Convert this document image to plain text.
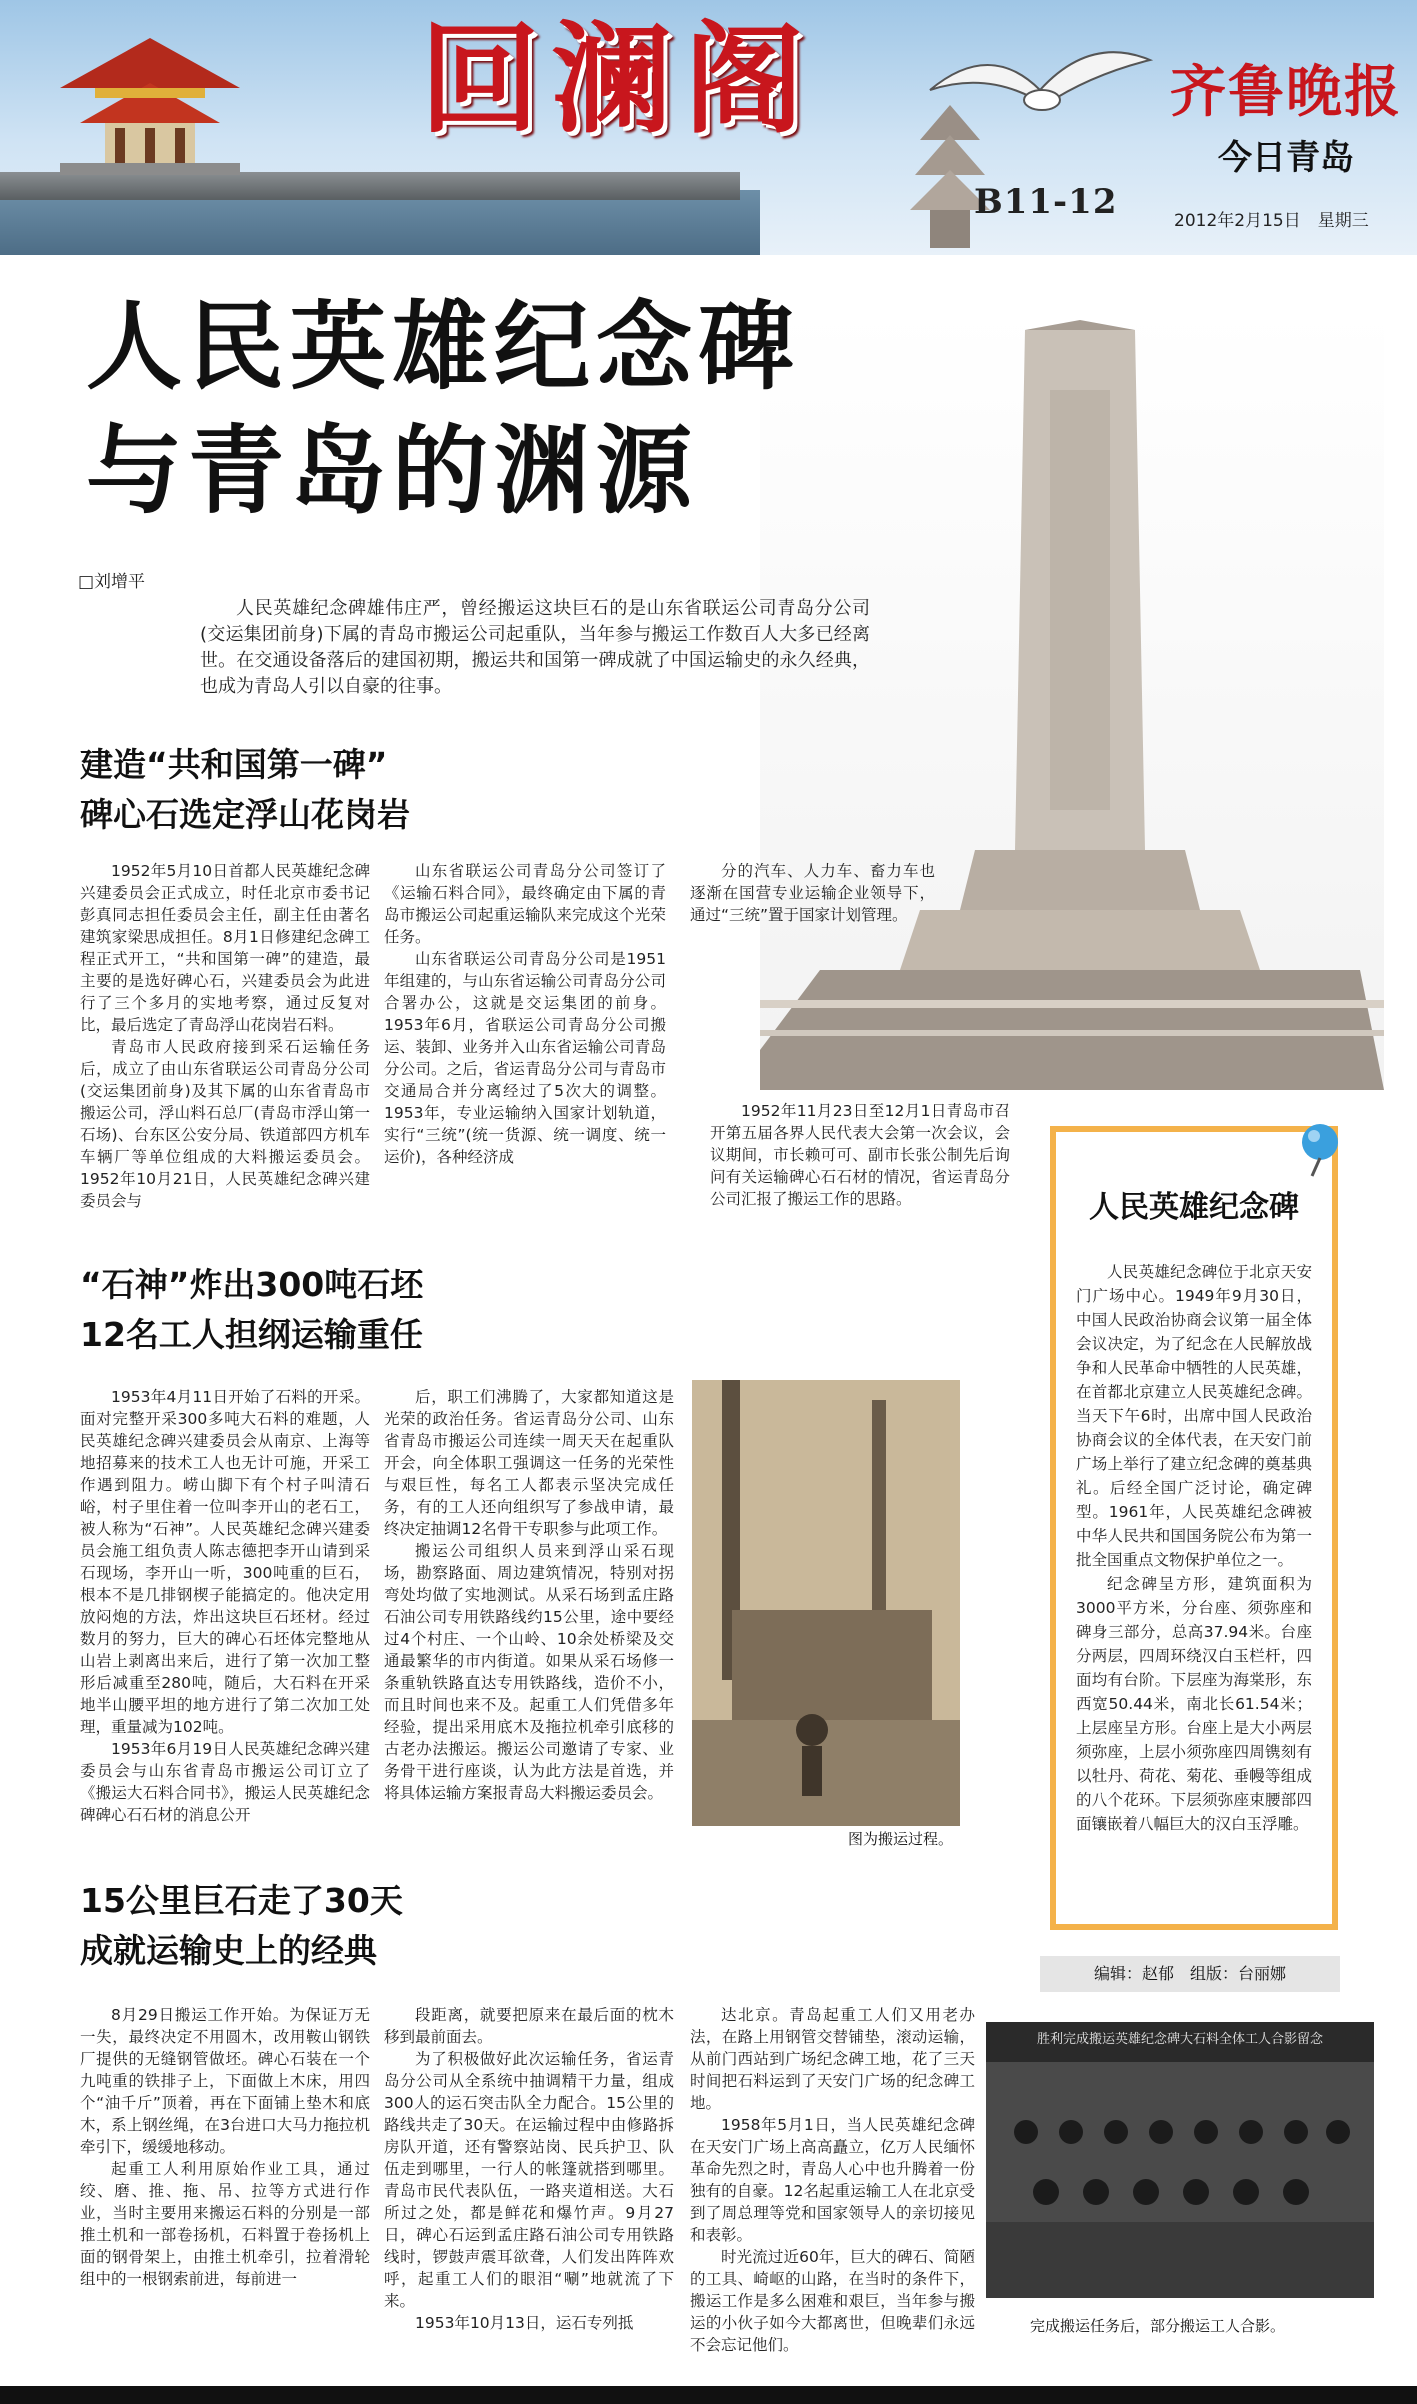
回澜阁
B11-12
齐鲁晚报
今日青岛
2012年2月15日　星期三
人民英雄纪念碑
与青岛的渊源
□刘增平
人民英雄纪念碑雄伟庄严，曾经搬运这块巨石的是山东省联运公司青岛分公司(交运集团前身)下属的青岛市搬运公司起重队，当年参与搬运工作数百人大多已经离世。在交通设备落后的建国初期，搬运共和国第一碑成就了中国运输史的永久经典，也成为青岛人引以自豪的往事。
建造“共和国第一碑”
碑心石选定浮山花岗岩

1952年5月10日首都人民英雄纪念碑兴建委员会正式成立，时任北京市委书记彭真同志担任委员会主任，副主任由著名建筑家梁思成担任。8月1日修建纪念碑工程正式开工，“共和国第一碑”的建造，最主要的是选好碑心石，兴建委员会为此进行了三个多月的实地考察，通过反复对比，最后选定了青岛浮山花岗岩石料。

青岛市人民政府接到采石运输任务后，成立了由山东省联运公司青岛分公司(交运集团前身)及其下属的山东省青岛市搬运公司，浮山料石总厂(青岛市浮山第一石场)、台东区公安分局、铁道部四方机车车辆厂等单位组成的大料搬运委员会。1952年10月21日，人民英雄纪念碑兴建委员会与

山东省联运公司青岛分公司签订了《运输石料合同》，最终确定由下属的青岛市搬运公司起重运输队来完成这个光荣任务。

山东省联运公司青岛分公司是1951年组建的，与山东省运输公司青岛分公司合署办公，这就是交运集团的前身。1953年6月，省联运公司青岛分公司搬运、装卸、业务并入山东省运输公司青岛分公司。之后，省运青岛分公司与青岛市交通局合并分离经过了5次大的调整。1953年，专业运输纳入国家计划轨道，实行“三统”(统一货源、统一调度、统一运价)，各种经济成

分的汽车、人力车、畜力车也逐渐在国营专业运输企业领导下，通过“三统”置于国家计划管理。

1952年11月23日至12月1日青岛市召开第五届各界人民代表大会第一次会议，会议期间，市长赖可可、副市长张公制先后询问有关运输碑心石石材的情况，省运青岛分公司汇报了搬运工作的思路。

“石神”炸出300吨石坯
12名工人担纲运输重任

1953年4月11日开始了石料的开采。面对完整开采300多吨大石料的难题，人民英雄纪念碑兴建委员会从南京、上海等地招募来的技术工人也无计可施，开采工作遇到阻力。崂山脚下有个村子叫清石峪，村子里住着一位叫李开山的老石工，被人称为“石神”。人民英雄纪念碑兴建委员会施工组负责人陈志德把李开山请到采石现场，李开山一听，300吨重的巨石，根本不是几排钢楔子能搞定的。他决定用放闷炮的方法，炸出这块巨石坯材。经过数月的努力，巨大的碑心石坯体完整地从山岩上剥离出来后，进行了第一次加工整形后减重至280吨，随后，大石料在开采地半山腰平坦的地方进行了第二次加工处理，重量减为102吨。

1953年6月19日人民英雄纪念碑兴建委员会与山东省青岛市搬运公司订立了《搬运大石料合同书》，搬运人民英雄纪念碑碑心石石材的消息公开

后，职工们沸腾了，大家都知道这是光荣的政治任务。省运青岛分公司、山东省青岛市搬运公司连续一周天天在起重队开会，向全体职工强调这一任务的光荣性与艰巨性，每名工人都表示坚决完成任务，有的工人还向组织写了参战申请，最终决定抽调12名骨干专职参与此项工作。

搬运公司组织人员来到浮山采石现场，勘察路面、周边建筑情况，特别对拐弯处均做了实地测试。从采石场到孟庄路石油公司专用铁路线约15公里，途中要经过4个村庄、一个山岭、10余处桥梁及交通最繁华的市内街道。如果从采石场修一条重轨铁路直达专用铁路线，造价不小，而且时间也来不及。起重工人们凭借多年经验，提出采用底木及拖拉机牵引底移的古老办法搬运。搬运公司邀请了专家、业务骨干进行座谈，认为此方法是首选，并将具体运输方案报青岛大料搬运委员会。

图为搬运过程。
人民英雄纪念碑

人民英雄纪念碑位于北京天安门广场中心。1949年9月30日，中国人民政治协商会议第一届全体会议决定，为了纪念在人民解放战争和人民革命中牺牲的人民英雄，在首都北京建立人民英雄纪念碑。当天下午6时，出席中国人民政治协商会议的全体代表，在天安门前广场上举行了建立纪念碑的奠基典礼。后经全国广泛讨论，确定碑型。1961年，人民英雄纪念碑被中华人民共和国国务院公布为第一批全国重点文物保护单位之一。

纪念碑呈方形，建筑面积为3000平方米，分台座、须弥座和碑身三部分，总高37.94米。台座分两层，四周环绕汉白玉栏杆，四面均有台阶。下层座为海棠形，东西宽50.44米，南北长61.54米；上层座呈方形。台座上是大小两层须弥座，上层小须弥座四周镌刻有以牡丹、荷花、菊花、垂幔等组成的八个花环。下层须弥座束腰部四面镶嵌着八幅巨大的汉白玉浮雕。

编辑：赵郁　组版：台丽娜
15公里巨石走了30天
成就运输史上的经典

8月29日搬运工作开始。为保证万无一失，最终决定不用圆木，改用鞍山钢铁厂提供的无缝钢管做坯。碑心石装在一个九吨重的铁排子上，下面做上木床，用四个“油千斤”顶着，再在下面铺上垫木和底木，系上钢丝绳，在3台进口大马力拖拉机牵引下，缓缓地移动。

起重工人利用原始作业工具，通过绞、磨、推、拖、吊、拉等方式进行作业，当时主要用来搬运石料的分别是一部推土机和一部卷扬机，石料置于卷扬机上面的钢骨架上，由推土机牵引，拉着滑轮组中的一根钢索前进，每前进一

段距离，就要把原来在最后面的枕木移到最前面去。

为了积极做好此次运输任务，省运青岛分公司从全系统中抽调精干力量，组成300人的运石突击队全力配合。15公里的路线共走了30天。在运输过程中由修路拆房队开道，还有警察站岗、民兵护卫、队伍走到哪里，一行人的帐篷就搭到哪里。青岛市民代表队伍，一路夹道相送。大石所过之处，都是鲜花和爆竹声。9月27日，碑心石运到孟庄路石油公司专用铁路线时，锣鼓声震耳欲聋，人们发出阵阵欢呼，起重工人们的眼泪“唰”地就流了下来。

1953年10月13日，运石专列抵

达北京。青岛起重工人们又用老办法，在路上用钢管交替铺垫，滚动运输，从前门西站到广场纪念碑工地，花了三天时间把石料运到了天安门广场的纪念碑工地。

1958年5月1日，当人民英雄纪念碑在天安门广场上高高矗立，亿万人民缅怀革命先烈之时，青岛人心中也升腾着一份独有的自豪。12名起重运输工人在北京受到了周总理等党和国家领导人的亲切接见和表彰。

时光流过近60年，巨大的碑石、简陋的工具、崎岖的山路，在当时的条件下，搬运工作是多么困难和艰巨，当年参与搬运的小伙子如今大都离世，但晚辈们永远不会忘记他们。

胜利完成搬运英雄纪念碑大石料全体工人合影留念
完成搬运任务后，部分搬运工人合影。
